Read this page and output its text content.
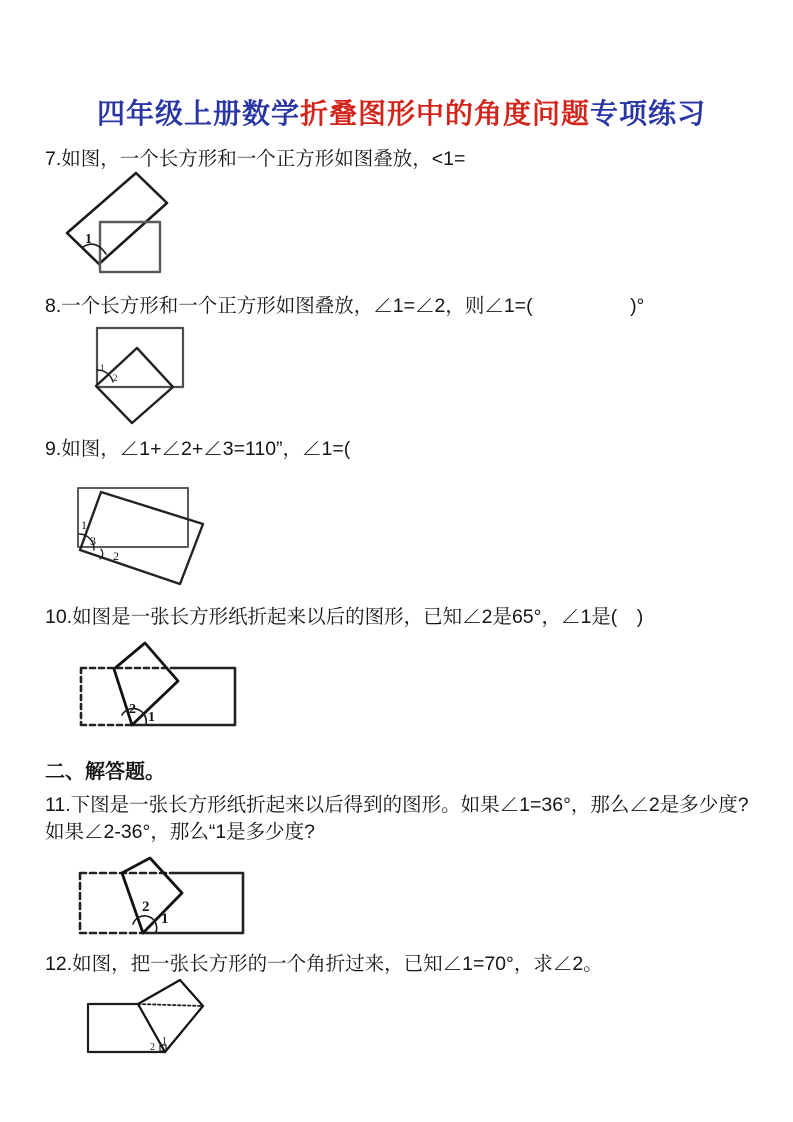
四年级上册数学折叠图形中的角度问题专项练习
7.如图，一个长方形和一个正方形如图叠放，<1=
1
8.一个长方形和一个正方形如图叠放，∠1=∠2，则∠1=(　　　　　)°
1
2
9.如图，∠1+∠2+∠3=110”，∠1=(
1
3
2
10.如图是一张长方形纸折起来以后的图形，已知∠2是65°，∠1是(　)
2
1
二、解答题。
11.下图是一张长方形纸折起来以后得到的图形。如果∠1=36°，那么∠2是多少度?如果∠2-36°，那么“1是多少度?
2
1
12.如图，把一张长方形的一个角折过来，已知∠1=70°，求∠2。
2
1
